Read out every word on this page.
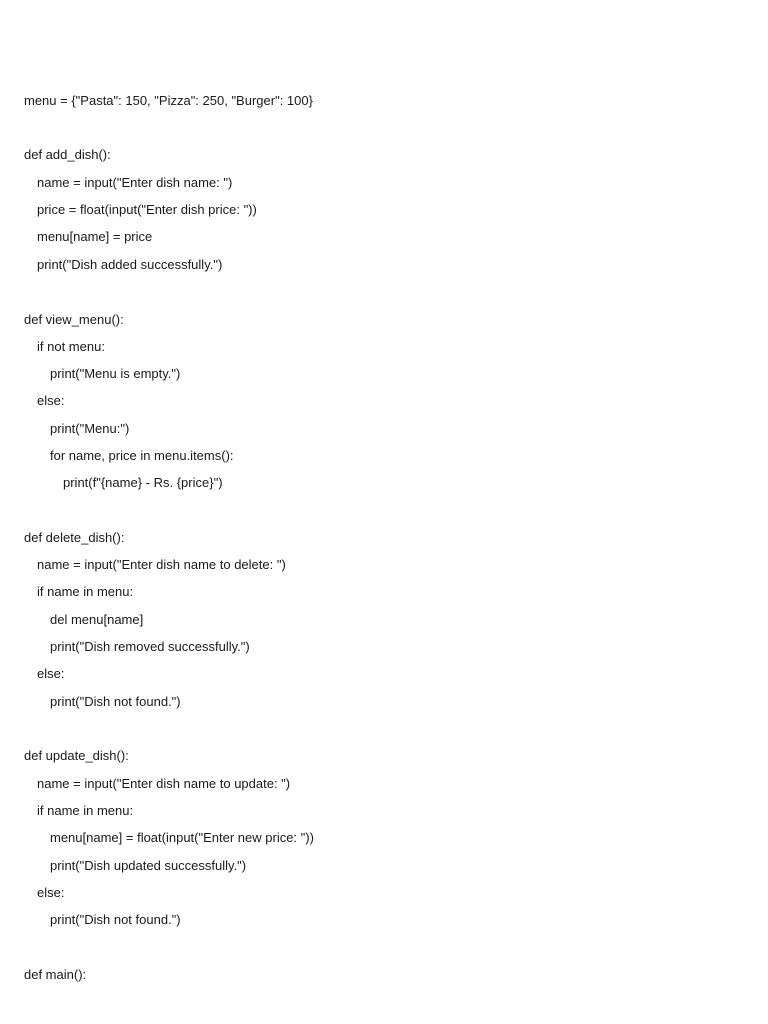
menu = {"Pasta": 150, "Pizza": 250, "Burger": 100}
def add_dish():
name = input("Enter dish name: ")
price = float(input("Enter dish price: "))
menu[name] = price
print("Dish added successfully.")
def view_menu():
if not menu:
print("Menu is empty.")
else:
print("Menu:")
for name, price in menu.items():
print(f"{name} - Rs. {price}")
def delete_dish():
name = input("Enter dish name to delete: ")
if name in menu:
del menu[name]
print("Dish removed successfully.")
else:
print("Dish not found.")
def update_dish():
name = input("Enter dish name to update: ")
if name in menu:
menu[name] = float(input("Enter new price: "))
print("Dish updated successfully.")
else:
print("Dish not found.")
def main():
